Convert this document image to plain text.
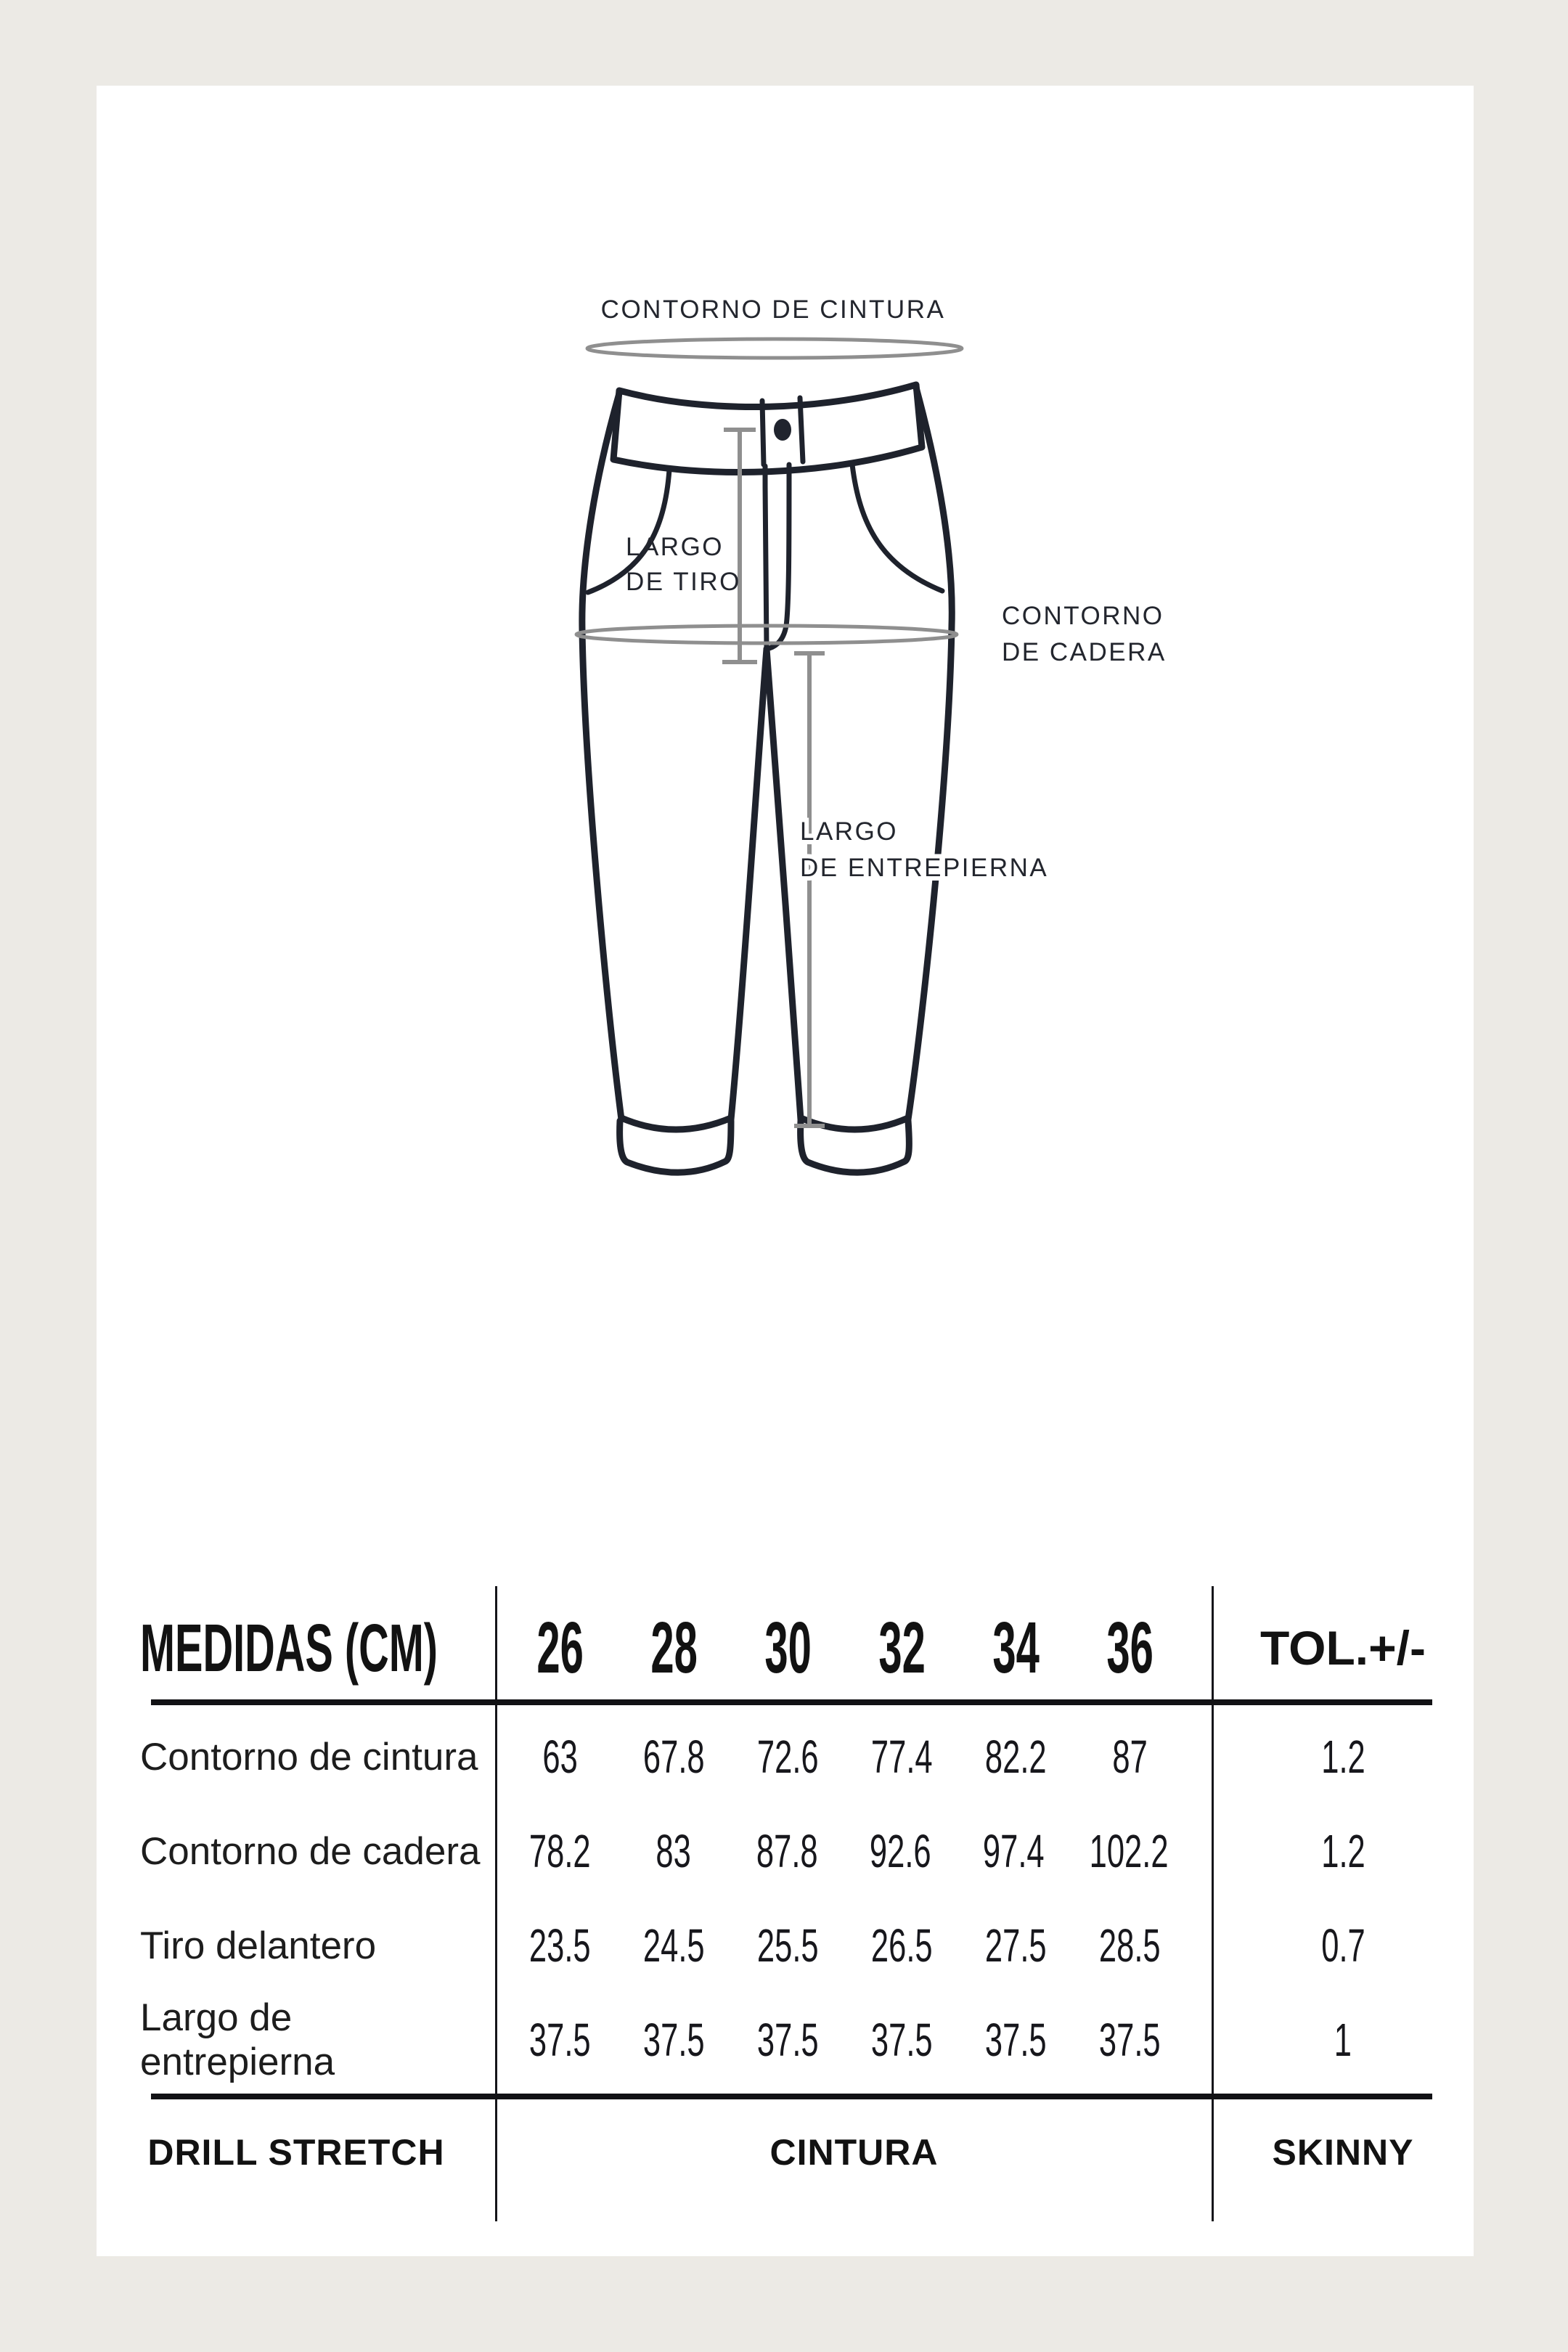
CONTORNO DE CINTURA
LARGO
DE TIRO
CONTORNO
DE CADERA
LARGO
DE ENTREPIERNA
MEDIDAS (CM)	26 28 30 32 34 36	TOL.+/-
Contorno de cintura	63	67.8	72.6	77.4	82.2	87	1.2
Contorno de cadera	78.2	83	87.8	92.6	97.4 102.2	1.2
Tiro delantero	23.5	24.5	25.5	26.5	27.5	28.5	0.7
Largo de entrepierna	37.5	37.5	37.5	37.5	37.5	37.5	1
DRILL STRETCH	CINTURA	SKINNY
